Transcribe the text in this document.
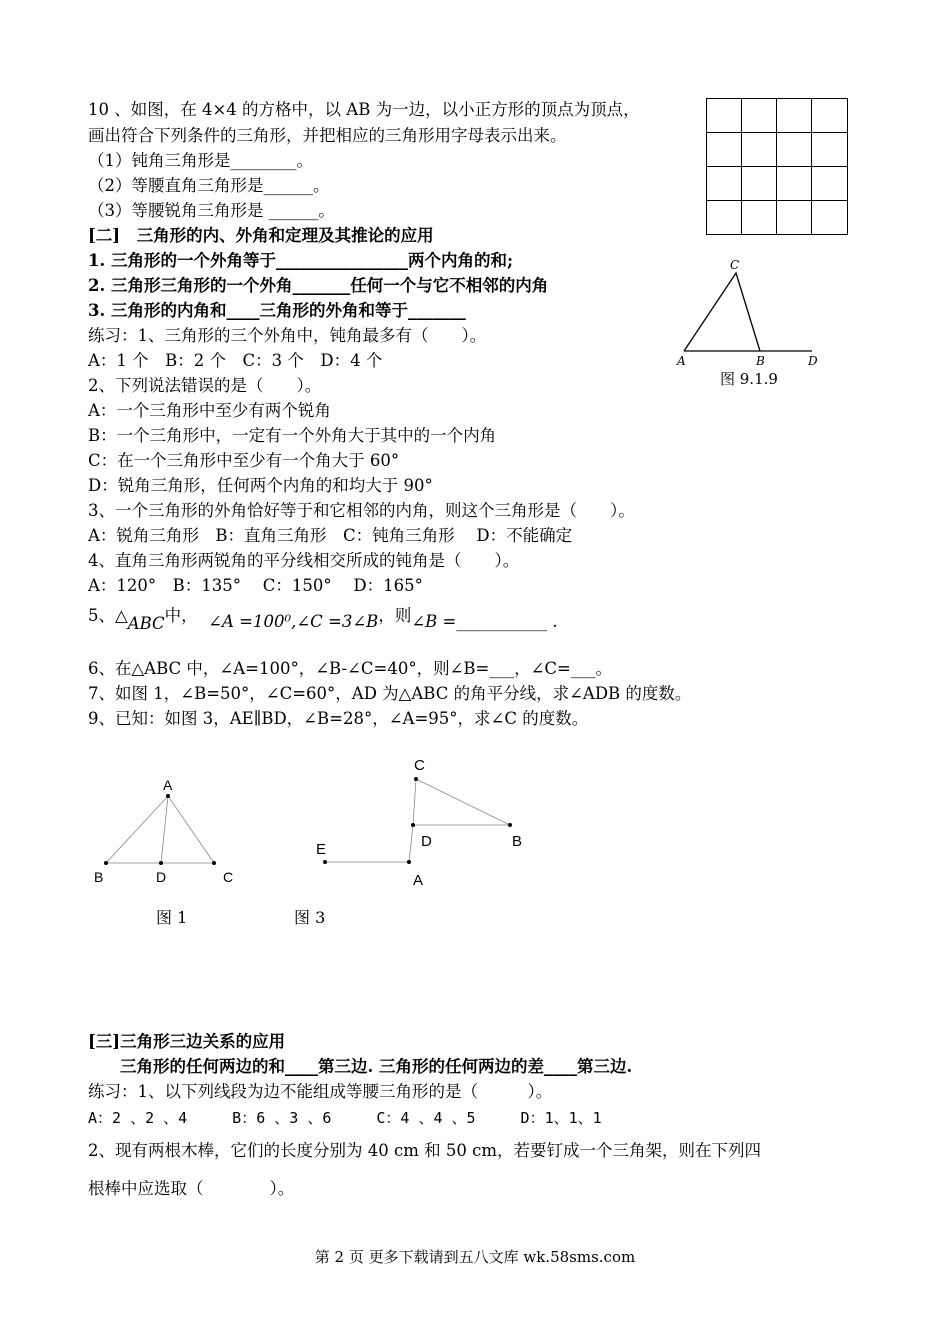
10 、如图，在 4×4 的方格中，以 AB 为一边，以小正方形的顶点为顶点，
画出符合下列条件的三角形，并把相应的三角形用字母表示出来。
（1）钝角三角形是________。
（2）等腰直角三角形是______。
（3）等腰锐角三角形是 ______。
[二]　三角形的内、外角和定理及其推论的应用
1. 三角形的一个外角等于________________两个内角的和;
2. 三角形三角形的一个外角_______任何一个与它不相邻的内角
3. 三角形的内角和____三角形的外角和等于_______
C
A	B	D
图 9.1.9
练习：1、三角形的三个外角中，钝角最多有（　　）。
A：1 个　B：2 个　C：3 个　D：4 个
2、下列说法错误的是（　　）。
A：一个三角形中至少有两个锐角
B：一个三角形中，一定有一个外角大于其中的一个内角
C：在一个三角形中至少有一个角大于 60°
D：锐角三角形，任何两个内角的和均大于 90°
3、一个三角形的外角恰好等于和它相邻的内角，则这个三角形是（　　）。
A：锐角三角形　B：直角三角形　C：钝角三角形　 D：不能确定
4、直角三角形两锐角的平分线相交所成的钝角是（　　）。
A：120°　B：135°　 C：150°　 D：165°
5、△ABC中， ∠A =100⁰,∠C =3∠B，则∠B =___________ .
6、在△ABC 中，∠A=100°，∠B-∠C=40°，则∠B=___，∠C=___。
7、如图 1，∠B=50°，∠C=60°，AD 为△ABC 的角平分线，求∠ADB 的度数。
9、已知：如图 3，AE∥BD，∠B=28°，∠A=95°，求∠C 的度数。
A
B	D	C
图 1
C
D	B
E
A
图 3
[三]三角形三边关系的应用
三角形的任何两边的和____第三边. 三角形的任何两边的差____第三边.
练习：1、以下列线段为边不能组成等腰三角形的是（　　　）。
A：2 、2 、4　　　B：6 、3 、6　　　C：4 、4 、5　　　D：1、1、1
2、现有两根木棒，它们的长度分别为 40 cm 和 50 cm，若要钉成一个三角架，则在下列四
根棒中应选取（　　　　）。
第 2 页 更多下载请到五八文库 wk.58sms.com
